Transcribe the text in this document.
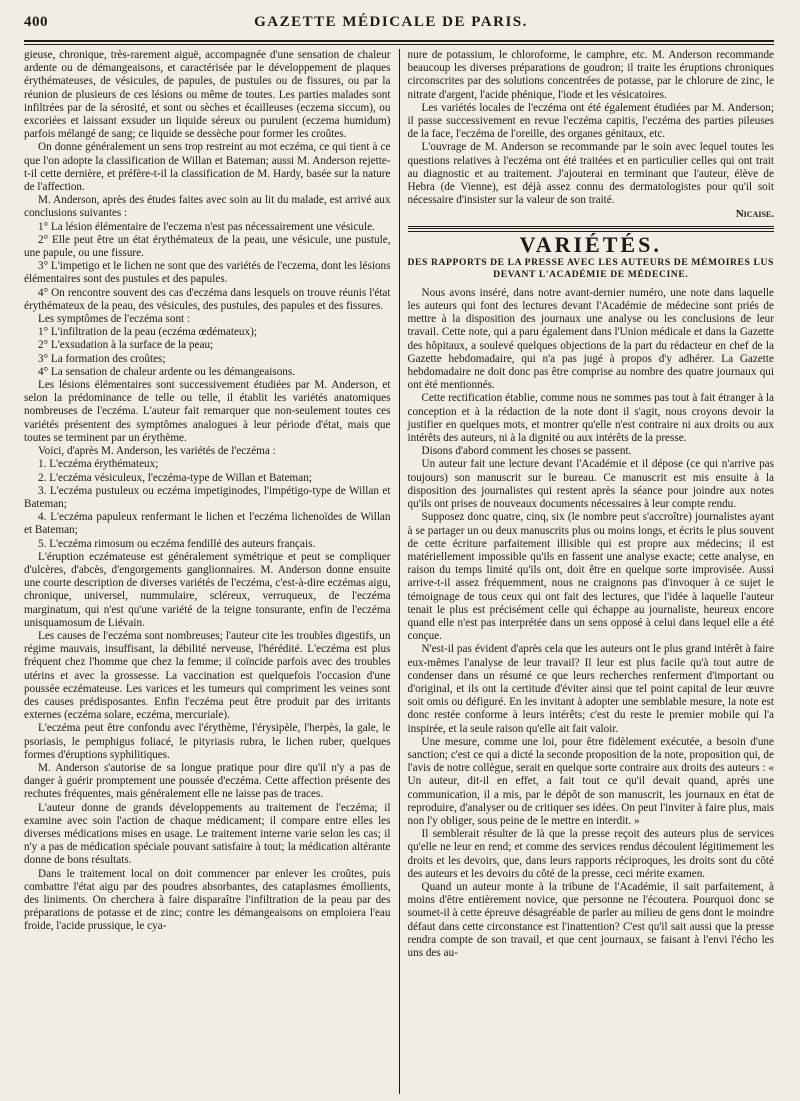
400	GAZETTE MÉDICALE DE PARIS.

gieuse, chronique, très-rarement aiguë, accompagnée d'une sensation de chaleur ardente ou de démangeaisons, et caractérisée par le développement de plaques érythémateuses, de vésicules, de papules, de pustules ou de fissures, ou par la réunion de plusieurs de ces lésions ou même de toutes. Les parties malades sont infiltrées par de la sérosité, et sont ou sèches et écailleuses (eczema siccum), ou excoriées et laissant exsuder un liquide séreux ou purulent (eczema humidum) parfois mélangé de sang; ce liquide se dessèche pour former les croûtes.

On donne généralement un sens trop restreint au mot eczéma, ce qui tient à ce que l'on adopte la classification de Willan et Bateman; aussi M. Anderson rejette-t-il cette dernière, et préfère-t-il la classification de M. Hardy, basée sur la nature de l'affection.

M. Anderson, après des études faites avec soin au lit du malade, est arrivé aux conclusions suivantes :

1° La lésion élémentaire de l'eczema n'est pas nécessairement une vésicule.

2° Elle peut être un état érythémateux de la peau, une vésicule, une pustule, une papule, ou une fissure.

3° L'impetigo et le lichen ne sont que des variétés de l'eczema, dont les lésions élémentaires sont des pustules et des papules.

4° On rencontre souvent des cas d'eczéma dans lesquels on trouve réunis l'état érythémateux de la peau, des vésicules, des pustules, des papules et des fissures.

Les symptômes de l'eczéma sont :

1° L'infiltration de la peau (eczéma œdémateux);

2° L'exsudation à la surface de la peau;

3° La formation des croûtes;

4° La sensation de chaleur ardente ou les démangeaisons.

Les lésions élémentaires sont successivement étudiées par M. Anderson, et selon la prédominance de telle ou telle, il établit les variétés anatomiques nombreuses de l'eczéma. L'auteur fait remarquer que non-seulement toutes ces variétés présentent des symptômes analogues à leur période d'état, mais que toutes se terminent par un érythème.

Voici, d'après M. Anderson, les variétés de l'eczéma :

1. L'eczéma érythémateux;

2. L'eczéma vésiculeux, l'eczéma-type de Willan et Bateman;

3. L'eczéma pustuleux ou eczéma impetiginodes, l'impétigo-type de Willan et Bateman;

4. L'eczéma papuleux renfermant le lichen et l'eczéma lichenoïdes de Willan et Bateman;

5. L'eczéma rimosum ou eczéma fendillé des auteurs français.

L'éruption eczémateuse est généralement symétrique et peut se compliquer d'ulcères, d'abcès, d'engorgements ganglionnaires. M. Anderson donne ensuite une courte description de diverses variétés de l'eczéma, c'est-à-dire eczémas aigu, chronique, universel, nummulaire, scléreux, verruqueux, de l'eczéma marginatum, qui n'est qu'une variété de la teigne tonsurante, enfin de l'eczéma unisquamosum de Liévain.

Les causes de l'eczéma sont nombreuses; l'auteur cite les troubles digestifs, un régime mauvais, insuffisant, la débilité nerveuse, l'hérédité. L'eczéma est plus fréquent chez l'homme que chez la femme; il coïncide parfois avec des troubles utérins et avec la grossesse. La vaccination est quelquefois l'occasion d'une poussée eczémateuse. Les varices et les tumeurs qui compriment les veines sont des causes prédisposantes. Enfin l'eczéma peut être produit par des irritants externes (eczéma solare, eczéma, mercuriale).

L'eczéma peut être confondu avec l'érythème, l'érysipèle, l'herpès, la gale, le psoriasis, le pemphigus foliacé, le pityriasis rubra, le lichen ruber, quelques formes d'éruptions syphilitiques.

M. Anderson s'autorise de sa longue pratique pour dire qu'il n'y a pas de danger à guérir promptement une poussée d'eczéma. Cette affection présente des rechutes fréquentes, mais généralement elle ne laisse pas de traces.

L'auteur donne de grands développements au traitement de l'eczéma; il examine avec soin l'action de chaque médicament; il compare entre elles les diverses médications mises en usage. Le traitement interne varie selon les cas; il n'y a pas de médication spéciale pouvant satisfaire à tout; la médication altérante donne de bons résultats.

Dans le traitement local on doit commencer par enlever les croûtes, puis combattre l'état aigu par des poudres absorbantes, des cataplasmes émollients, des liniments. On cherchera à faire disparaître l'infiltration de la peau par des préparations de potasse et de zinc; contre les démangeaisons on emploiera l'eau froide, l'acide prussique, le cya-

nure de potassium, le chloroforme, le camphre, etc. M. Anderson recommande beaucoup les diverses préparations de goudron; il traite les éruptions chroniques circonscrites par des solutions concentrées de potasse, par le chlorure de zinc, le nitrate d'argent, l'acide phénique, l'iode et les vésicatoires.

Les variétés locales de l'eczéma ont été également étudiées par M. Anderson; il passe successivement en revue l'eczéma capitis, l'eczéma des parties pileuses de la face, l'eczéma de l'oreille, des organes génitaux, etc.

L'ouvrage de M. Anderson se recommande par le soin avec lequel toutes les questions relatives à l'eczéma ont été traitées et en particulier celles qui ont trait au diagnostic et au traitement. J'ajouterai en terminant que l'auteur, élève de Hebra (de Vienne), est déjà assez connu des dermatologistes pour qu'il soit nécessaire d'insister sur la valeur de son traité.

Nicaise.
VARIÉTÉS.
DES RAPPORTS DE LA PRESSE AVEC LES AUTEURS DE MÉMOIRES LUS DEVANT L'ACADÉMIE DE MÉDECINE.

Nous avons inséré, dans notre avant-dernier numéro, une note dans laquelle les auteurs qui font des lectures devant l'Académie de médecine sont priés de mettre à la disposition des journaux une analyse ou les conclusions de leur travail. Cette note, qui a paru également dans l'Union médicale et dans la Gazette des hôpitaux, a soulevé quelques objections de la part du rédacteur en chef de la Gazette hebdomadaire, qui n'a pas jugé à propos d'y adhérer. La Gazette hebdomadaire ne doit donc pas être comprise au nombre des quatre journaux qui ont été mentionnés.

Cette rectification établie, comme nous ne sommes pas tout à fait étranger à la conception et à la rédaction de la note dont il s'agit, nous croyons devoir la justifier en quelques mots, et montrer qu'elle n'est contraire ni aux droits ou aux intérêts des auteurs, ni à la dignité ou aux intérêts de la presse.

Disons d'abord comment les choses se passent.

Un auteur fait une lecture devant l'Académie et il dépose (ce qui n'arrive pas toujours) son manuscrit sur le bureau. Ce manuscrit est mis ensuite à la disposition des journalistes qui restent après la séance pour joindre aux notes qu'ils ont prises de nouveaux documents nécessaires à leur compte rendu.

Supposez donc quatre, cinq, six (le nombre peut s'accroître) journalistes ayant à se partager un ou deux manuscrits plus ou moins longs, et écrits le plus souvent de cette écriture parfaitement illisible qui est propre aux médecins; il est matériellement impossible qu'ils en fassent une analyse exacte; cette analyse, en raison du temps limité qu'ils ont, doit être en quelque sorte improvisée. Aussi arrive-t-il assez fréquemment, nous ne craignons pas d'invoquer à ce sujet le témoignage de tous ceux qui ont fait des lectures, que l'idée à laquelle l'auteur tenait le plus est précisément celle qui échappe au journaliste, heureux encore quand elle n'est pas interprétée dans un sens opposé à celui dans lequel elle a été conçue.

N'est-il pas évident d'après cela que les auteurs ont le plus grand intérêt à faire eux-mêmes l'analyse de leur travail? Il leur est plus facile qu'à tout autre de condenser dans un résumé ce que leurs recherches renferment d'important ou d'original, et ils ont la certitude d'éviter ainsi que tel point capital de leur œuvre soit omis ou défiguré. En les invitant à adopter une semblable mesure, la note est donc restée conforme à leurs intérêts; c'est du reste le premier mobile qui l'a inspirée, et la seule raison qu'elle ait fait valoir.

Une mesure, comme une loi, pour être fidèlement exécutée, a besoin d'une sanction; c'est ce qui a dicté la seconde proposition de la note, proposition qui, de l'avis de notre collègue, serait en quelque sorte contraire aux droits des auteurs : « Un auteur, dit-il en effet, a fait tout ce qu'il devait quand, après une communication, il a mis, par le dépôt de son manuscrit, les journaux en état de reproduire, d'analyser ou de critiquer ses idées. On peut l'inviter à faire plus, mais non l'y obliger, sous peine de le mettre en interdit. »

Il semblerait résulter de là que la presse reçoit des auteurs plus de services qu'elle ne leur en rend; et comme des services rendus découlent légitimement les droits et les devoirs, que, dans leurs rapports réciproques, les droits sont du côté des auteurs et les devoirs du côté de la presse, ceci mérite examen.

Quand un auteur monte à la tribune de l'Académie, il sait parfaitement, à moins d'être entièrement novice, que personne ne l'écoutera. Pourquoi donc se soumet-il à cette épreuve désagréable de parler au milieu de gens dont le moindre défaut dans cette circonstance est l'inattention? C'est qu'il sait aussi que la presse rendra compte de son travail, et que cent journaux, se faisant à l'envi l'écho les uns des au-
